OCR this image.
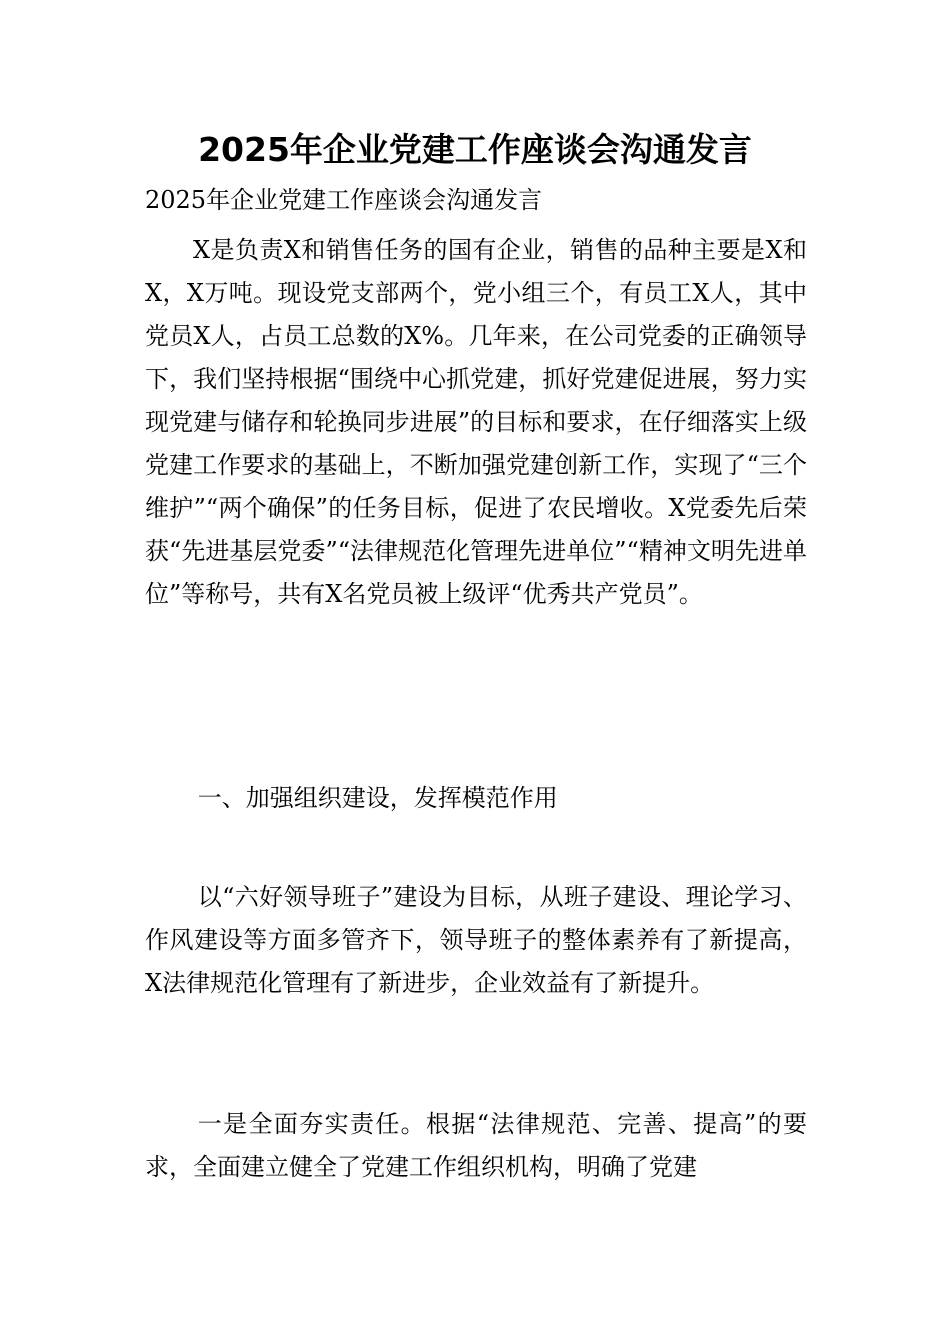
2025年企业党建工作座谈会沟通发言

2025年企业党建工作座谈会沟通发言

X是负责X和销售任务的国有企业，销售的品种主要是X和X，X万吨。现设党支部两个，党小组三个，有员工X人，其中党员X人，占员工总数的X%。几年来，在公司党委的正确领导下，我们坚持根据“围绕中心抓党建，抓好党建促进展，努力实现党建与储存和轮换同步进展”的目标和要求，在仔细落实上级党建工作要求的基础上，不断加强党建创新工作，实现了“三个维护”“两个确保”的任务目标，促进了农民增收。X党委先后荣获“先进基层党委”“法律规范化管理先进单位”“精神文明先进单位”等称号，共有X名党员被上级评“优秀共产党员”。

一、加强组织建设，发挥模范作用

以“六好领导班子”建设为目标，从班子建设、理论学习、作风建设等方面多管齐下，领导班子的整体素养有了新提高，X法律规范化管理有了新进步，企业效益有了新提升。

一是全面夯实责任。根据“法律规范、完善、提高”的要求，全面建立健全了党建工作组织机构，明确了党建
